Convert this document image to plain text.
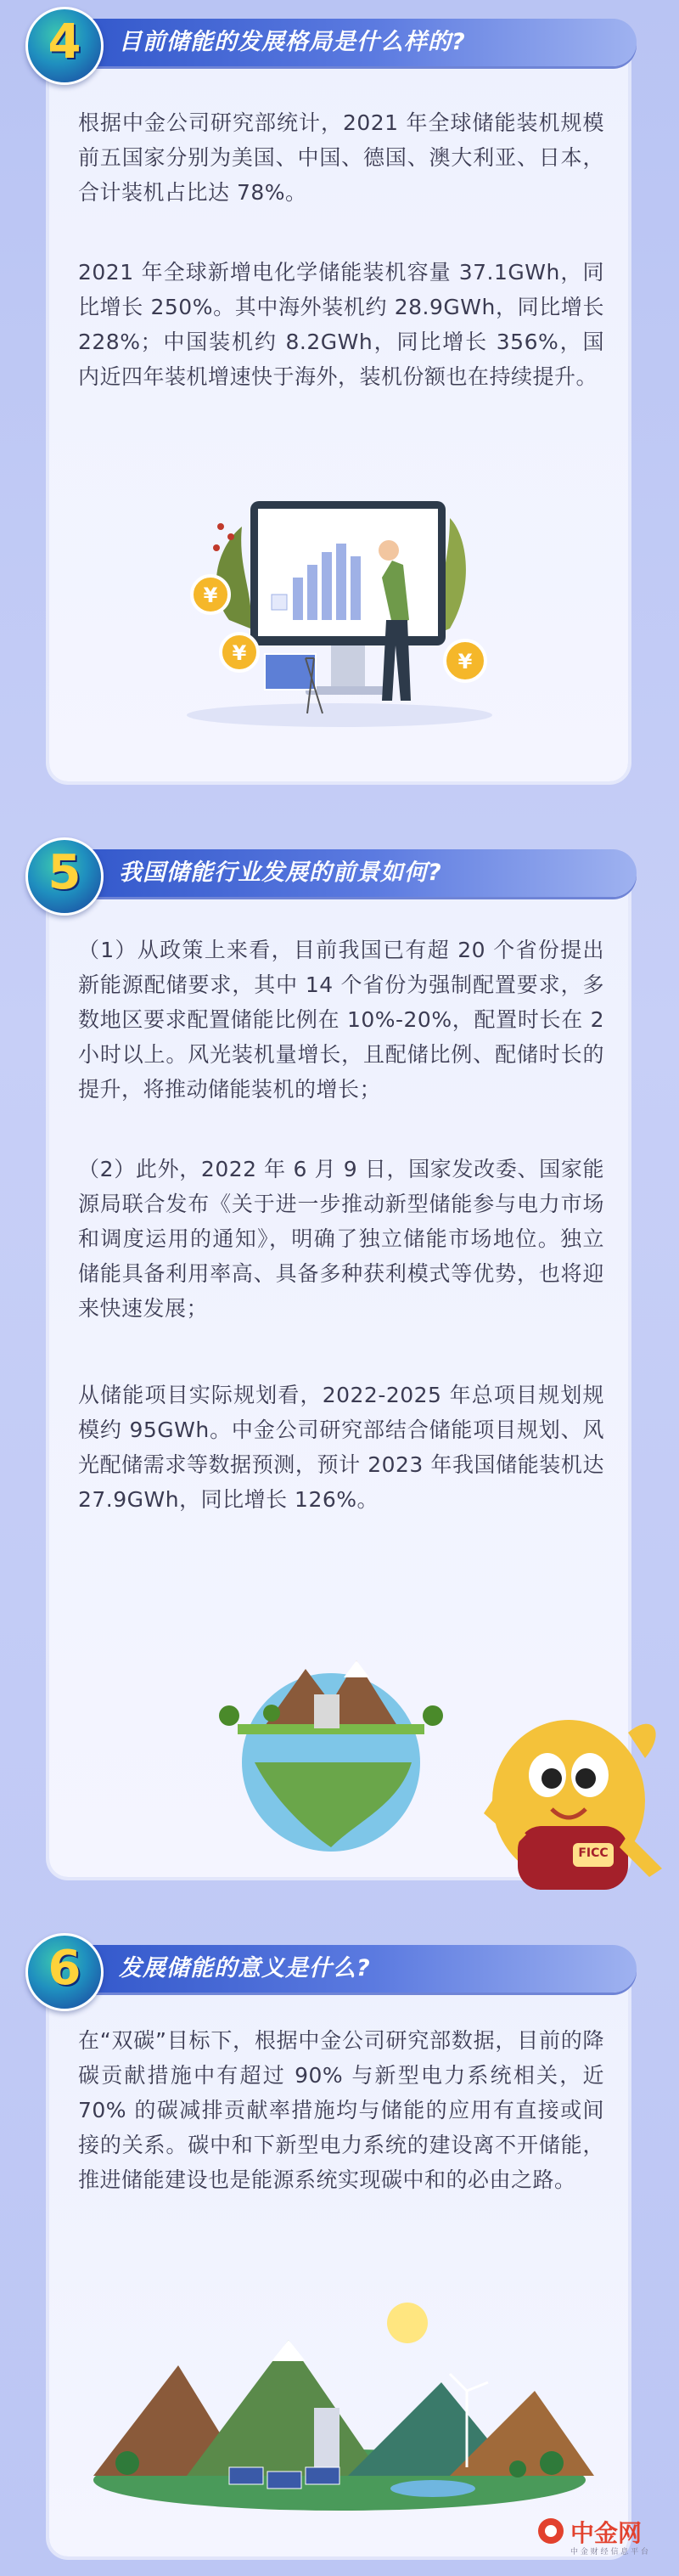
目前储能的发展格局是什么样的?
4
根据中金公司研究部统计，2021 年全球储能装机规模前五国家分别为美国、中国、德国、澳大利亚、日本，合计装机占比达 78%。
2021 年全球新增电化学储能装机容量 37.1GWh，同比增长 250%。其中海外装机约 28.9GWh，同比增长 228%；中国装机约 8.2GWh，同比增长 356%，国内近四年装机增速快于海外，装机份额也在持续提升。
¥
¥	¥
我国储能行业发展的前景如何?
5
（1）从政策上来看，目前我国已有超 20 个省份提出新能源配储要求，其中 14 个省份为强制配置要求，多数地区要求配置储能比例在 10%-20%，配置时长在 2 小时以上。风光装机量增长，且配储比例、配储时长的提升，将推动储能装机的增长；
（2）此外，2022 年 6 月 9 日，国家发改委、国家能源局联合发布《关于进一步推动新型储能参与电力市场和调度运用的通知》，明确了独立储能市场地位。独立储能具备利用率高、具备多种获利模式等优势，也将迎来快速发展；
从储能项目实际规划看，2022-2025 年总项目规划规模约 95GWh。中金公司研究部结合储能项目规划、风光配储需求等数据预测，预计 2023 年我国储能装机达 27.9GWh，同比增长 126%。
FICC
发展储能的意义是什么?
6
在“双碳”目标下，根据中金公司研究部数据，目前的降碳贡献措施中有超过 90% 与新型电力系统相关，近 70% 的碳减排贡献率措施均与储能的应用有直接或间接的关系。碳中和下新型电力系统的建设离不开储能，推进储能建设也是能源系统实现碳中和的必由之路。
中金网
中 金 财 经 信 息 平 台
